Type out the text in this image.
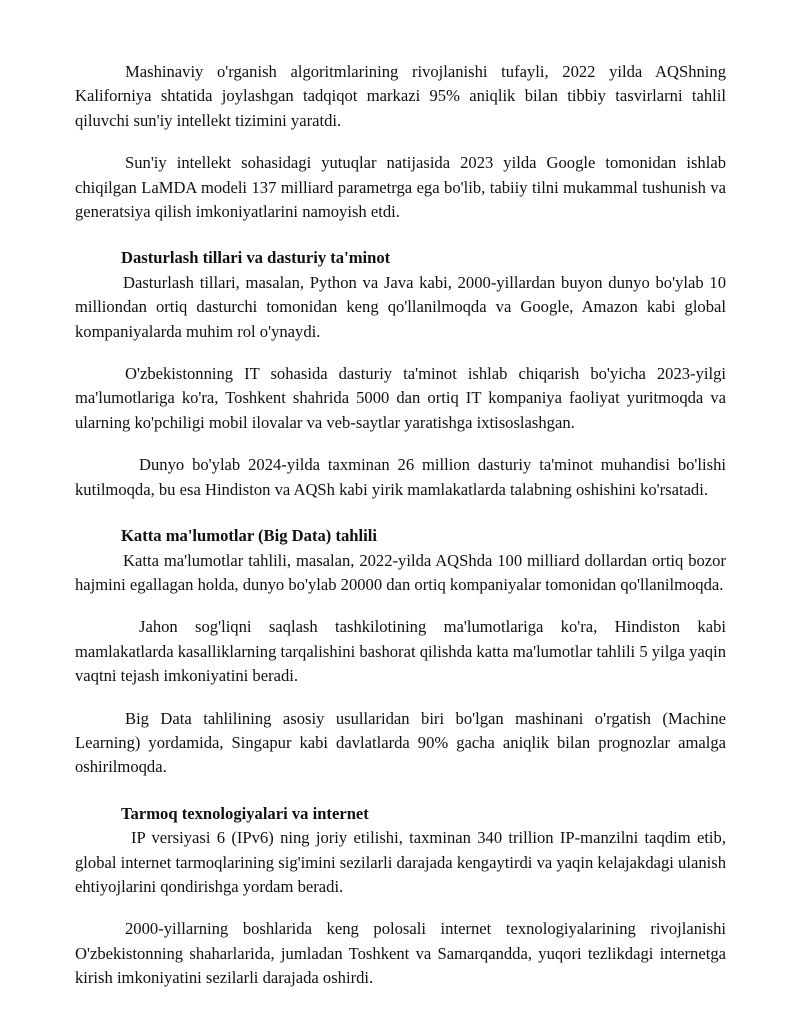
Mashinaviy o'rganish algoritmlarining rivojlanishi tufayli, 2022 yilda AQShning Kaliforniya shtatida joylashgan tadqiqot markazi 95% aniqlik bilan tibbiy tasvirlarni tahlil qiluvchi sun'iy intellekt tizimini yaratdi.

Sun'iy intellekt sohasidagi yutuqlar natijasida 2023 yilda Google tomonidan ishlab chiqilgan LaMDA modeli 137 milliard parametrga ega bo'lib, tabiiy tilni mukammal tushunish va generatsiya qilish imkoniyatlarini namoyish etdi.

Dasturlash tillari va dasturiy ta'minot

Dasturlash tillari, masalan, Python va Java kabi, 2000-yillardan buyon dunyo bo'ylab 10 milliondan ortiq dasturchi tomonidan keng qo'llanilmoqda va Google, Amazon kabi global kompaniyalarda muhim rol o'ynaydi.

O'zbekistonning IT sohasida dasturiy ta'minot ishlab chiqarish bo'yicha 2023-yilgi ma'lumotlariga ko'ra, Toshkent shahrida 5000 dan ortiq IT kompaniya faoliyat yuritmoqda va ularning ko'pchiligi mobil ilovalar va veb-saytlar yaratishga ixtisoslashgan.

Dunyo bo'ylab 2024-yilda taxminan 26 million dasturiy ta'minot muhandisi bo'lishi kutilmoqda, bu esa Hindiston va AQSh kabi yirik mamlakatlarda talabning oshishini ko'rsatadi.

Katta ma'lumotlar (Big Data) tahlili

Katta ma'lumotlar tahlili, masalan, 2022-yilda AQShda 100 milliard dollardan ortiq bozor hajmini egallagan holda, dunyo bo'ylab 20000 dan ortiq kompaniyalar tomonidan qo'llanilmoqda.

Jahon sog'liqni saqlash tashkilotining ma'lumotlariga ko'ra, Hindiston kabi mamlakatlarda kasalliklarning tarqalishini bashorat qilishda katta ma'lumotlar tahlili 5 yilga yaqin vaqtni tejash imkoniyatini beradi.

Big Data tahlilining asosiy usullaridan biri bo'lgan mashinani o'rgatish (Machine Learning) yordamida, Singapur kabi davlatlarda 90% gacha aniqlik bilan prognozlar amalga oshirilmoqda.

Tarmoq texnologiyalari va internet

IP versiyasi 6 (IPv6) ning joriy etilishi, taxminan 340 trillion IP-manzilni taqdim etib, global internet tarmoqlarining sig'imini sezilarli darajada kengaytirdi va yaqin kelajakdagi ulanish ehtiyojlarini qondirishga yordam beradi.

2000-yillarning boshlarida keng polosali internet texnologiyalarining rivojlanishi O'zbekistonning shaharlarida, jumladan Toshkent va Samarqandda, yuqori tezlikdagi internetga kirish imkoniyatini sezilarli darajada oshirdi.
